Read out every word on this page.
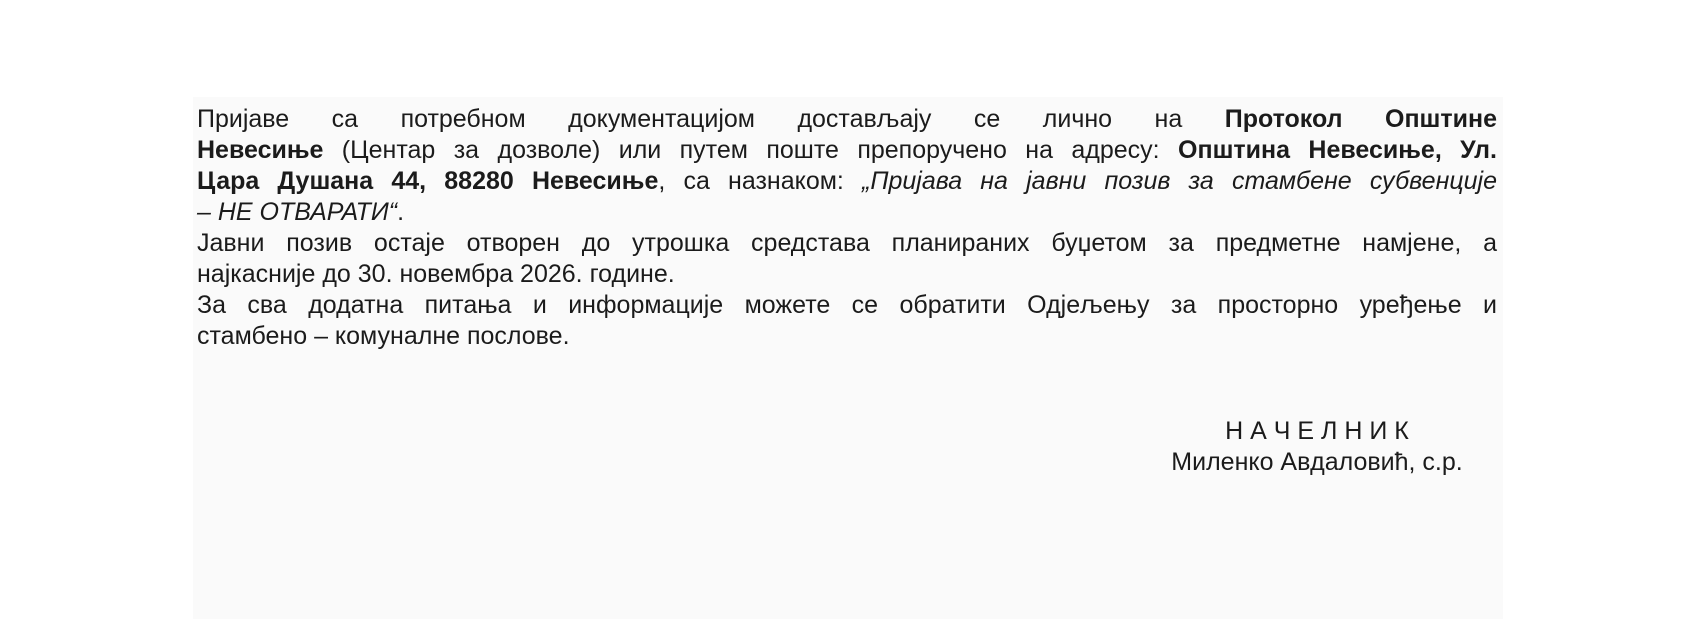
Пријаве са потребном документацијом достављају се лично на Протокол Општине
Невесиње (Центар за дозволе) или путем поште препоручено на адресу: Општина Невесиње, Ул.
Цара Душана 44, 88280 Невесиње, са назнаком: „Пријава на јавни позив за стамбене субвенције
– НЕ ОТВАРАТИ“.
Јавни позив остаје отворен до утрошка средстава планираних буџетом за предметне намјене, а
најкасније до 30. новембра 2026. године.
За сва додатна питања и информације можете се обратити Одјељењу за просторно уређење и
стамбено – комуналне послове.
Н А Ч Е Л Н И К
Миленко Авдаловић, с.р.
